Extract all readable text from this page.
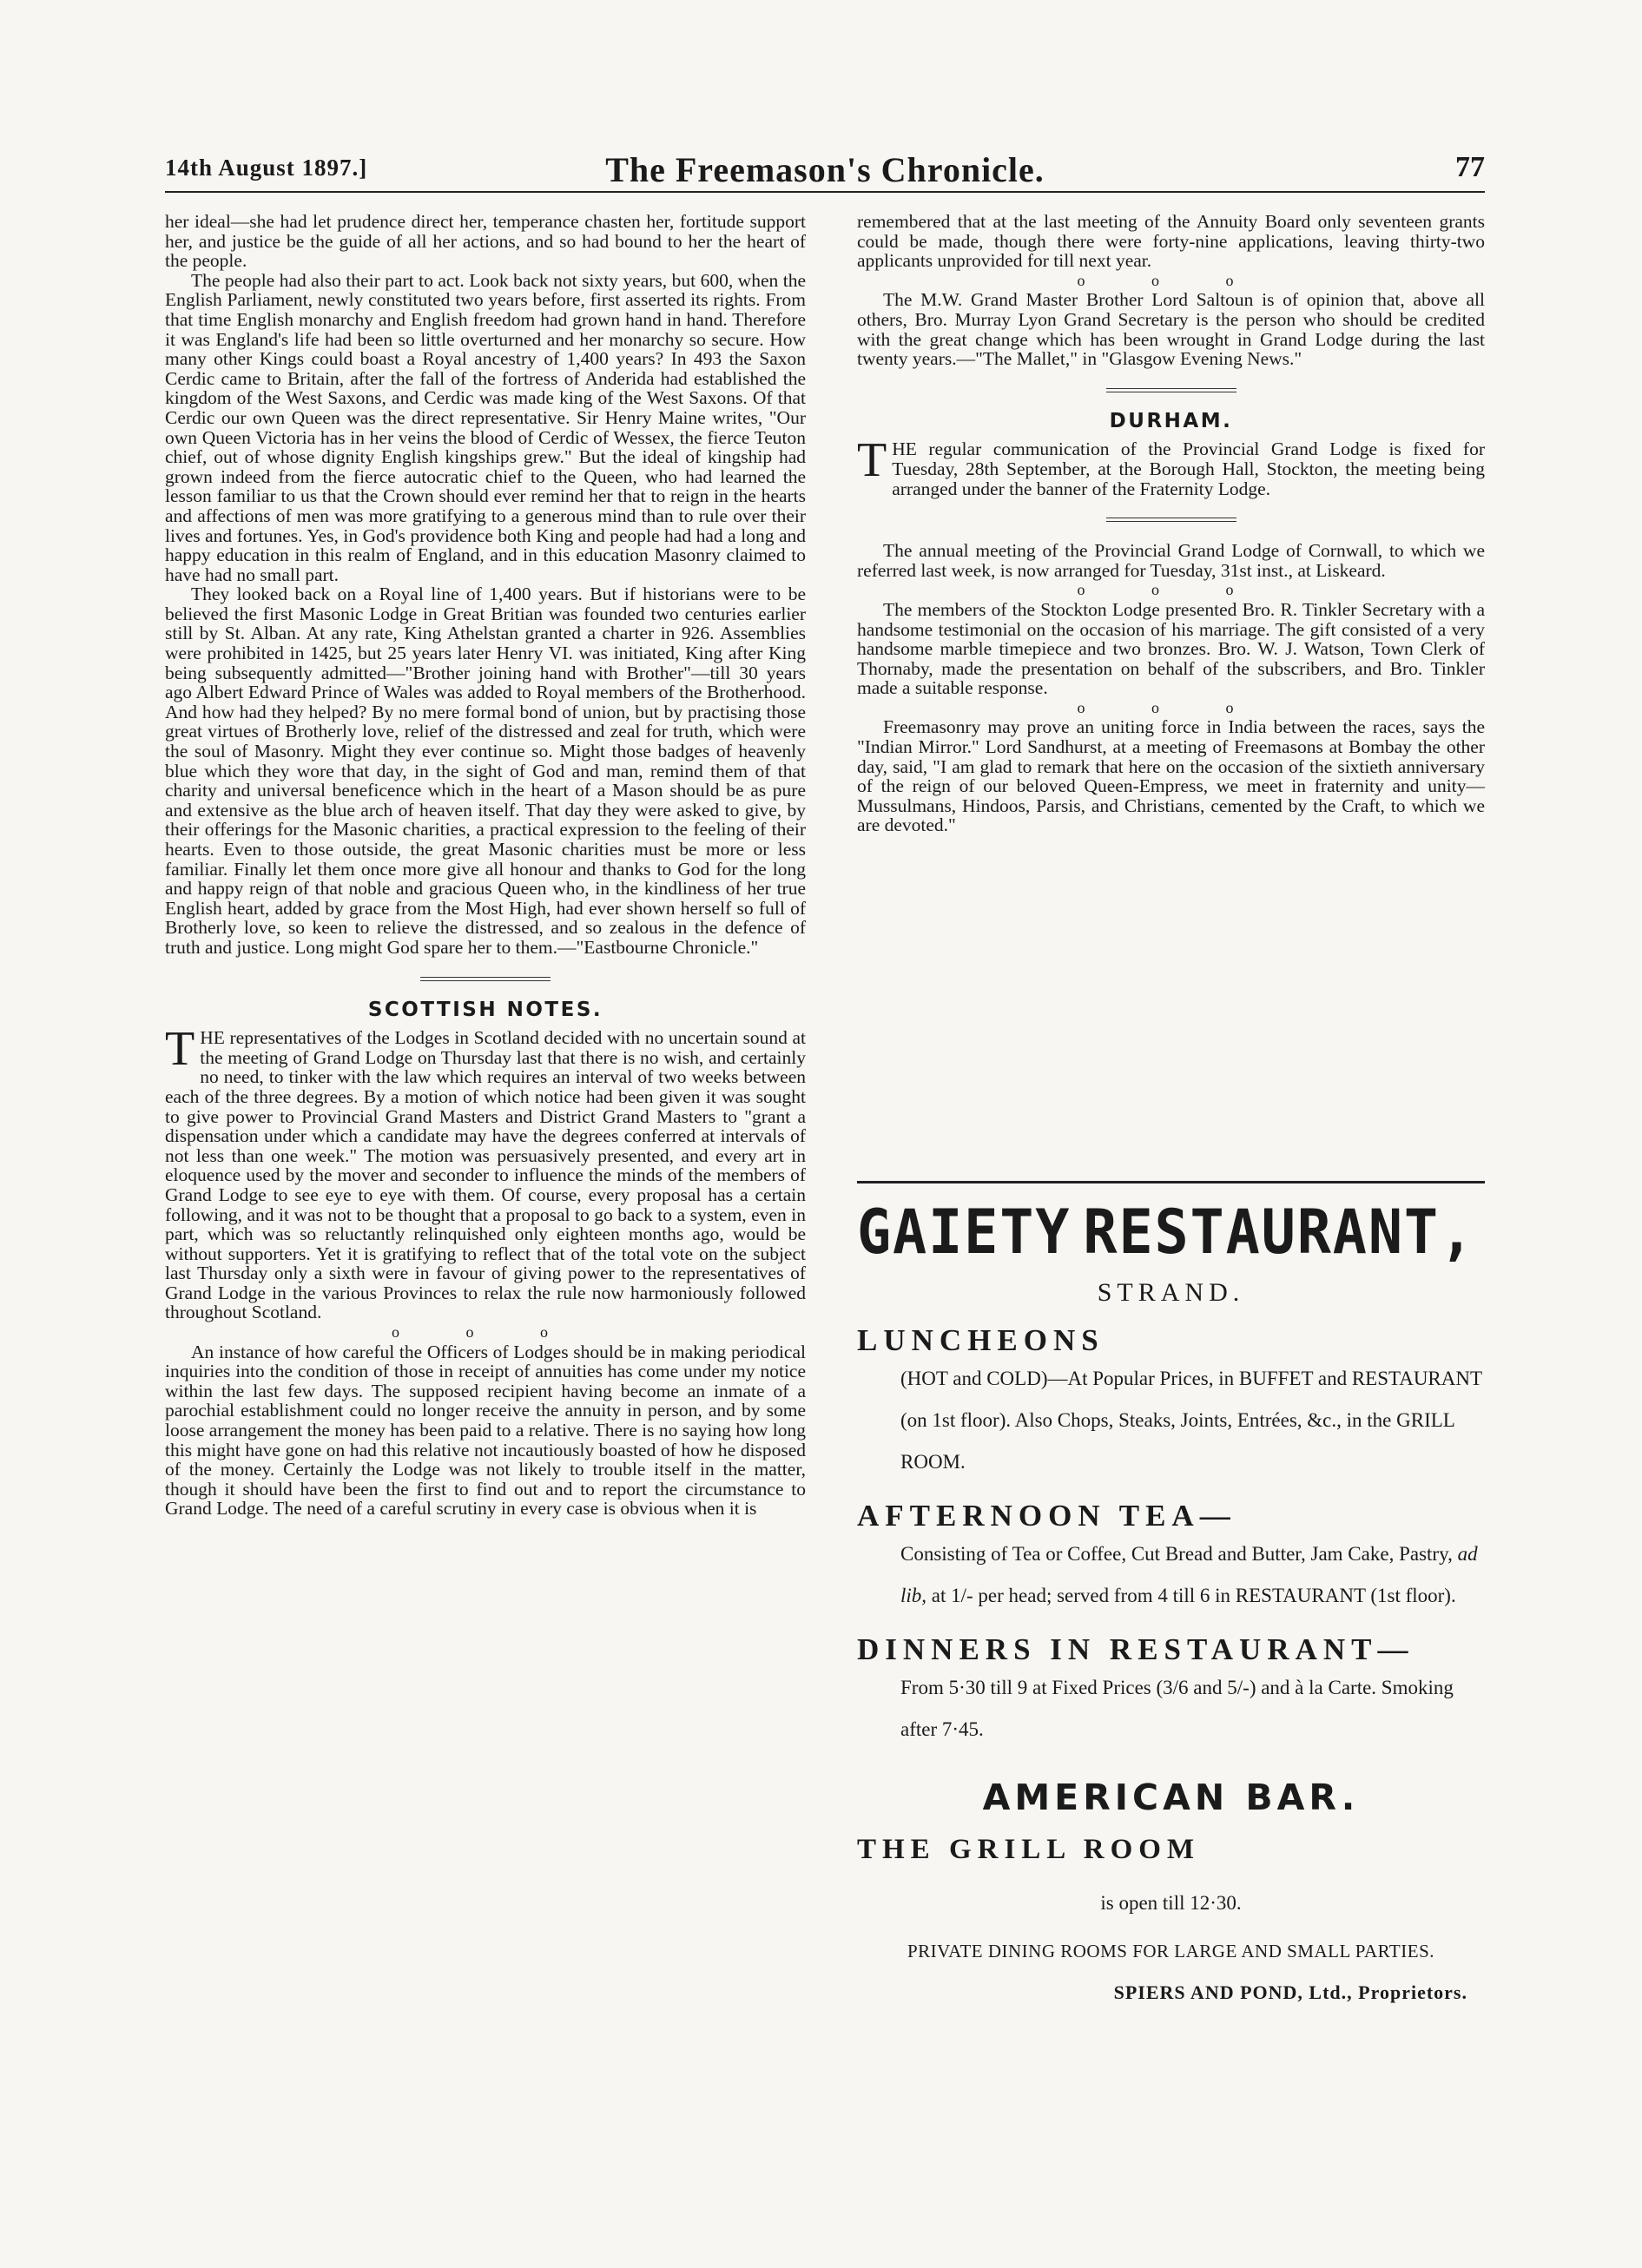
14th August 1897.]	The Freemason's Chronicle.	77

her ideal—she had let prudence direct her, temperance chasten her, fortitude support her, and justice be the guide of all her actions, and so had bound to her the heart of the people.

The people had also their part to act. Look back not sixty years, but 600, when the English Parliament, newly constituted two years before, first asserted its rights. From that time English monarchy and English freedom had grown hand in hand. Therefore it was England's life had been so little overturned and her monarchy so secure. How many other Kings could boast a Royal ancestry of 1,400 years? In 493 the Saxon Cerdic came to Britain, after the fall of the fortress of Anderida had established the kingdom of the West Saxons, and Cerdic was made king of the West Saxons. Of that Cerdic our own Queen was the direct representative. Sir Henry Maine writes, "Our own Queen Victoria has in her veins the blood of Cerdic of Wessex, the fierce Teuton chief, out of whose dignity English kingships grew." But the ideal of kingship had grown indeed from the fierce autocratic chief to the Queen, who had learned the lesson familiar to us that the Crown should ever remind her that to reign in the hearts and affections of men was more gratifying to a generous mind than to rule over their lives and fortunes. Yes, in God's providence both King and people had had a long and happy education in this realm of England, and in this education Masonry claimed to have had no small part.

They looked back on a Royal line of 1,400 years. But if historians were to be believed the first Masonic Lodge in Great Britian was founded two centuries earlier still by St. Alban. At any rate, King Athelstan granted a charter in 926. Assemblies were prohibited in 1425, but 25 years later Henry VI. was initiated, King after King being subsequently admitted—"Brother joining hand with Brother"—till 30 years ago Albert Edward Prince of Wales was added to Royal members of the Brotherhood. And how had they helped? By no mere formal bond of union, but by practising those great virtues of Brotherly love, relief of the distressed and zeal for truth, which were the soul of Masonry. Might they ever continue so. Might those badges of heavenly blue which they wore that day, in the sight of God and man, remind them of that charity and universal beneficence which in the heart of a Mason should be as pure and extensive as the blue arch of heaven itself. That day they were asked to give, by their offerings for the Masonic charities, a practical expression to the feeling of their hearts. Even to those outside, the great Masonic charities must be more or less familiar. Finally let them once more give all honour and thanks to God for the long and happy reign of that noble and gracious Queen who, in the kindliness of her true English heart, added by grace from the Most High, had ever shown herself so full of Brotherly love, so keen to relieve the distressed, and so zealous in the defence of truth and justice. Long might God spare her to them.—"Eastbourne Chronicle."

SCOTTISH NOTES.

THE representatives of the Lodges in Scotland decided with no uncertain sound at the meeting of Grand Lodge on Thursday last that there is no wish, and certainly no need, to tinker with the law which requires an interval of two weeks between each of the three degrees. By a motion of which notice had been given it was sought to give power to Provincial Grand Masters and District Grand Masters to "grant a dispensation under which a candidate may have the degrees conferred at intervals of not less than one week." The motion was persuasively presented, and every art in eloquence used by the mover and seconder to influence the minds of the members of Grand Lodge to see eye to eye with them. Of course, every proposal has a certain following, and it was not to be thought that a proposal to go back to a system, even in part, which was so reluctantly relinquished only eighteen months ago, would be without supporters. Yet it is gratifying to reflect that of the total vote on the subject last Thursday only a sixth were in favour of giving power to the representatives of Grand Lodge in the various Provinces to relax the rule now harmoniously followed throughout Scotland.

o o o

An instance of how careful the Officers of Lodges should be in making periodical inquiries into the condition of those in receipt of annuities has come under my notice within the last few days. The supposed recipient having become an inmate of a parochial establishment could no longer receive the annuity in person, and by some loose arrangement the money has been paid to a relative. There is no saying how long this might have gone on had this relative not incautiously boasted of how he disposed of the money. Certainly the Lodge was not likely to trouble itself in the matter, though it should have been the first to find out and to report the circumstance to Grand Lodge. The need of a careful scrutiny in every case is obvious when it is

remembered that at the last meeting of the Annuity Board only seventeen grants could be made, though there were forty-nine applications, leaving thirty-two applicants unprovided for till next year.

o o o

The M.W. Grand Master Brother Lord Saltoun is of opinion that, above all others, Bro. Murray Lyon Grand Secretary is the person who should be credited with the great change which has been wrought in Grand Lodge during the last twenty years.—"The Mallet," in "Glasgow Evening News."

DURHAM.

THE regular communication of the Provincial Grand Lodge is fixed for Tuesday, 28th September, at the Borough Hall, Stockton, the meeting being arranged under the banner of the Fraternity Lodge.

The annual meeting of the Provincial Grand Lodge of Cornwall, to which we referred last week, is now arranged for Tuesday, 31st inst., at Liskeard.

o o o

The members of the Stockton Lodge presented Bro. R. Tinkler Secretary with a handsome testimonial on the occasion of his marriage. The gift consisted of a very handsome marble timepiece and two bronzes. Bro. W. J. Watson, Town Clerk of Thornaby, made the presentation on behalf of the subscribers, and Bro. Tinkler made a suitable response.

o o o

Freemasonry may prove an uniting force in India between the races, says the "Indian Mirror." Lord Sandhurst, at a meeting of Freemasons at Bombay the other day, said, "I am glad to remark that here on the occasion of the sixtieth anniversary of the reign of our beloved Queen-Empress, we meet in fraternity and unity—Mussulmans, Hindoos, Parsis, and Christians, cemented by the Craft, to which we are devoted."

GAIETY RESTAURANT,
STRAND.
LUNCHEONS
(HOT and COLD)—At Popular Prices, in BUFFET and RESTAURANT (on 1st floor). Also Chops, Steaks, Joints, Entrées, &c., in the GRILL ROOM.
AFTERNOON TEA—
Consisting of Tea or Coffee, Cut Bread and Butter, Jam Cake, Pastry, ad lib, at 1/- per head; served from 4 till 6 in RESTAURANT (1st floor).
DINNERS IN RESTAURANT—
From 5·30 till 9 at Fixed Prices (3/6 and 5/-) and à la Carte. Smoking after 7·45.
AMERICAN BAR.
THE GRILL ROOM
is open till 12·30.
PRIVATE DINING ROOMS FOR LARGE AND SMALL PARTIES.
SPIERS AND POND, Ltd., Proprietors.
